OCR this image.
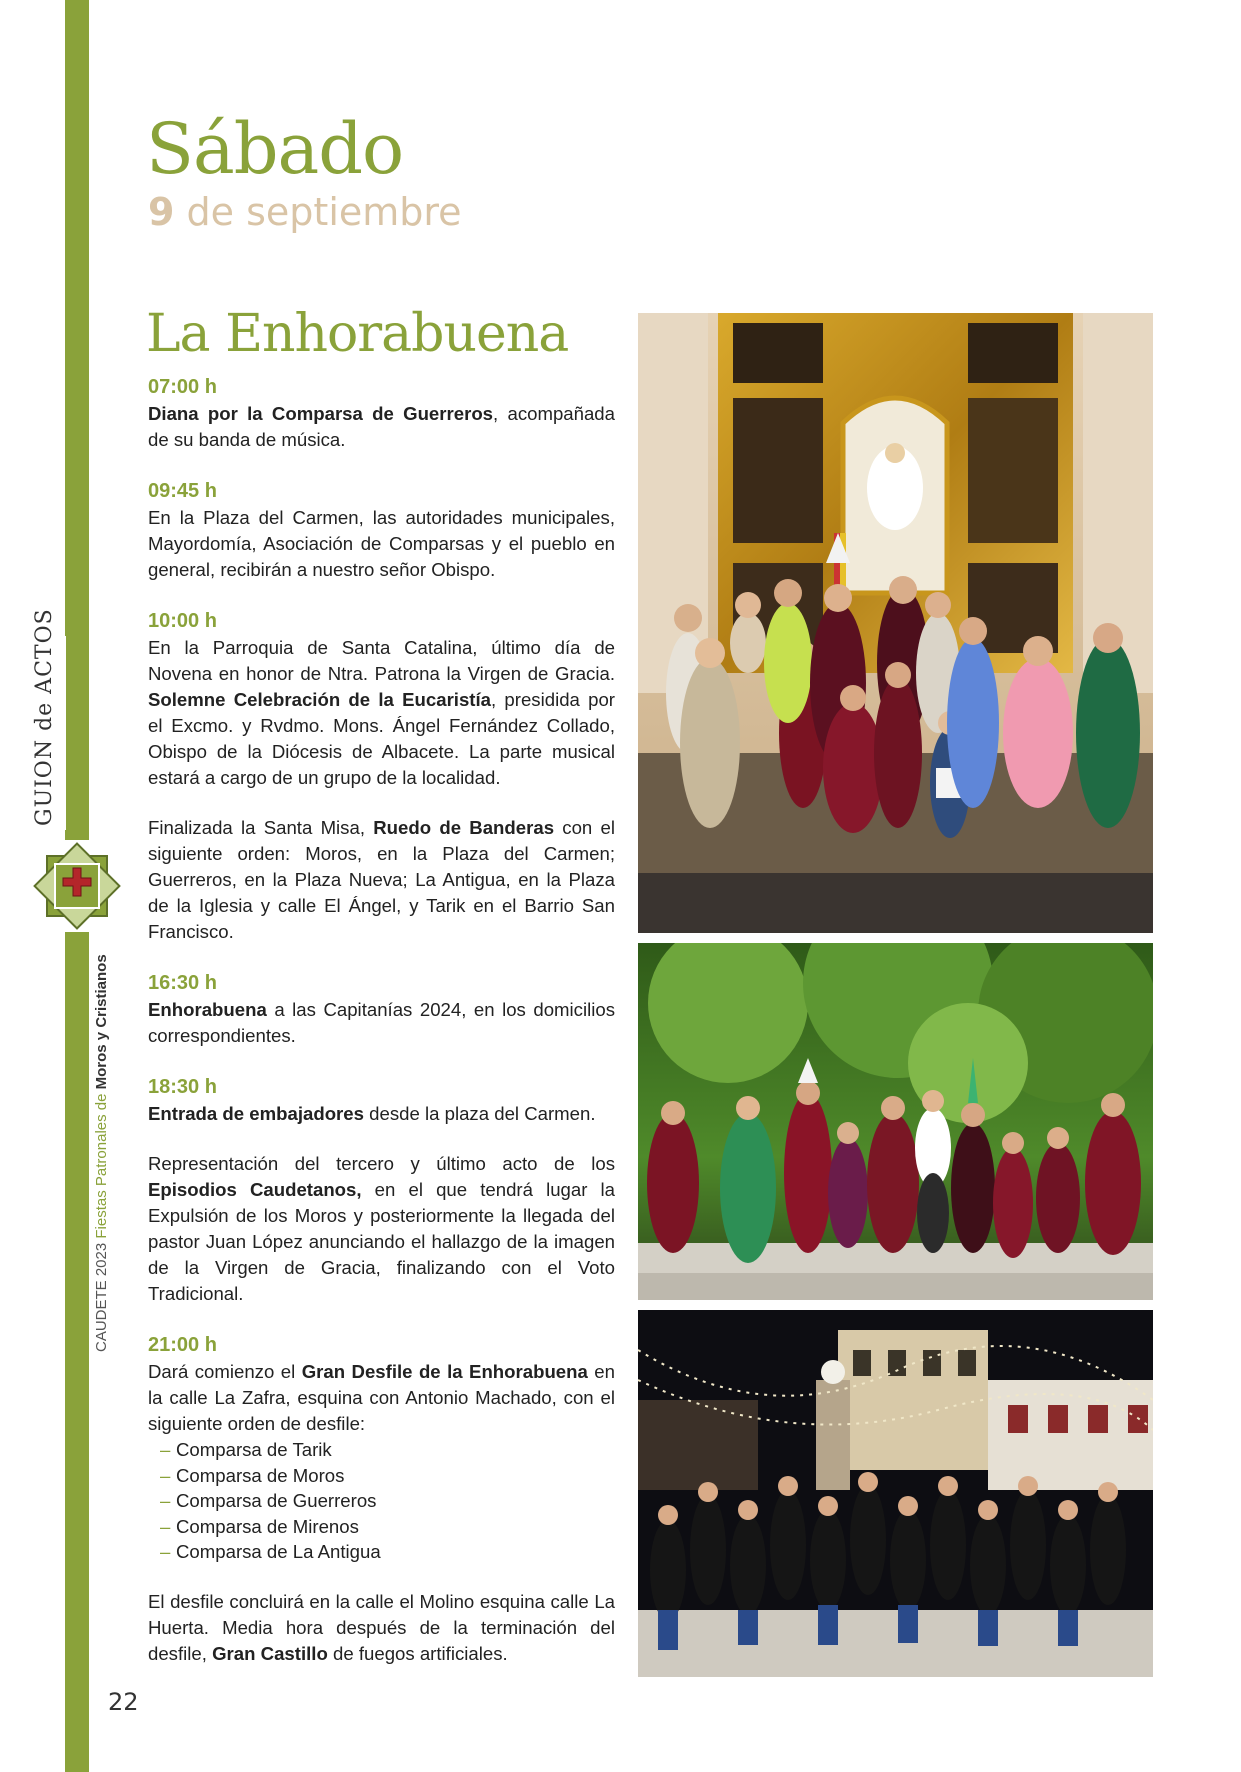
GUION de ACTOS
CAUDETE 2023 Fiestas Patronales de Moros y Cristianos
22
Sábado
9 de septiembre
La Enhorabuena

07:00 h

Diana por la Comparsa de Guerreros, acompañada de su banda de música.

09:45 h

En la Plaza del Carmen, las autoridades municipales, Mayordomía, Asociación de Comparsas y el pueblo en general, recibirán a nuestro señor Obispo.

10:00 h

En la Parroquia de Santa Catalina, último día de Novena en honor de Ntra. Patrona la Virgen de Gracia. Solemne Celebración de la Eucaristía, presidida por el Excmo. y Rvdmo. Mons. Ángel Fernández Collado, Obispo de la Diócesis de Albacete. La parte musical estará a cargo de un grupo de la localidad.

Finalizada la Santa Misa, Ruedo de Banderas con el siguiente orden: Moros, en la Plaza del Carmen; Guerreros, en la Plaza Nueva; La Antigua, en la Plaza de la Iglesia y calle El Ángel, y Tarik en el Barrio San Francisco.

16:30 h

Enhorabuena a las Capitanías 2024, en los domicilios correspondientes.

18:30 h

Entrada de embajadores desde la plaza del Carmen.

Representación del tercero y último acto de los Episodios Caudetanos, en el que tendrá lugar la Expulsión de los Moros y posteriormente la llegada del pastor Juan López anunciando el hallazgo de la imagen de la Virgen de Gracia, finalizando con el Voto Tradicional.

21:00 h

Dará comienzo el Gran Desfile de la Enhorabuena en la calle La Zafra, esquina con Antonio Machado, con el siguiente orden de desfile:

– Comparsa de Tarik
– Comparsa de Moros
– Comparsa de Guerreros
– Comparsa de Mirenos
– Comparsa de La Antigua

El desfile concluirá en la calle el Molino esquina calle La Huerta. Media hora después de la terminación del desfile, Gran Castillo de fuegos artificiales.
